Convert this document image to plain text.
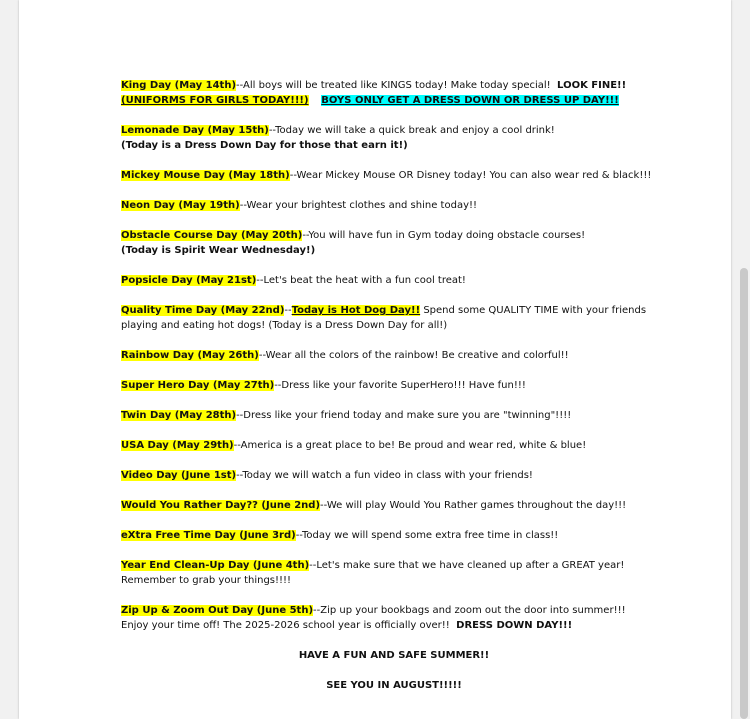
King Day (May 14th)--All boys will be treated like KINGS today! Make today special! LOOK FINE!!
(UNIFORMS FOR GIRLS TODAY!!!) BOYS ONLY GET A DRESS DOWN OR DRESS UP DAY!!!
Lemonade Day (May 15th)--Today we will take a quick break and enjoy a cool drink!
(Today is a Dress Down Day for those that earn it!)
Mickey Mouse Day (May 18th)--Wear Mickey Mouse OR Disney today! You can also wear red & black!!!
Neon Day (May 19th)--Wear your brightest clothes and shine today!!
Obstacle Course Day (May 20th)--You will have fun in Gym today doing obstacle courses!
(Today is Spirit Wear Wednesday!)
Popsicle Day (May 21st)--Let's beat the heat with a fun cool treat!
Quality Time Day (May 22nd)--Today is Hot Dog Day!! Spend some QUALITY TIME with your friends playing and eating hot dogs! (Today is a Dress Down Day for all!)
Rainbow Day (May 26th)--Wear all the colors of the rainbow! Be creative and colorful!!
Super Hero Day (May 27th)--Dress like your favorite SuperHero!!! Have fun!!!
Twin Day (May 28th)--Dress like your friend today and make sure you are "twinning"!!!!
USA Day (May 29th)--America is a great place to be! Be proud and wear red, white & blue!
Video Day (June 1st)--Today we will watch a fun video in class with your friends!
Would You Rather Day?? (June 2nd)--We will play Would You Rather games throughout the day!!!
eXtra Free Time Day (June 3rd)--Today we will spend some extra free time in class!!
Year End Clean-Up Day (June 4th)--Let's make sure that we have cleaned up after a GREAT year!
Remember to grab your things!!!!
Zip Up & Zoom Out Day (June 5th)--Zip up your bookbags and zoom out the door into summer!!!
Enjoy your time off! The 2025-2026 school year is officially over!! DRESS DOWN DAY!!!
HAVE A FUN AND SAFE SUMMER!!
SEE YOU IN AUGUST!!!!!
